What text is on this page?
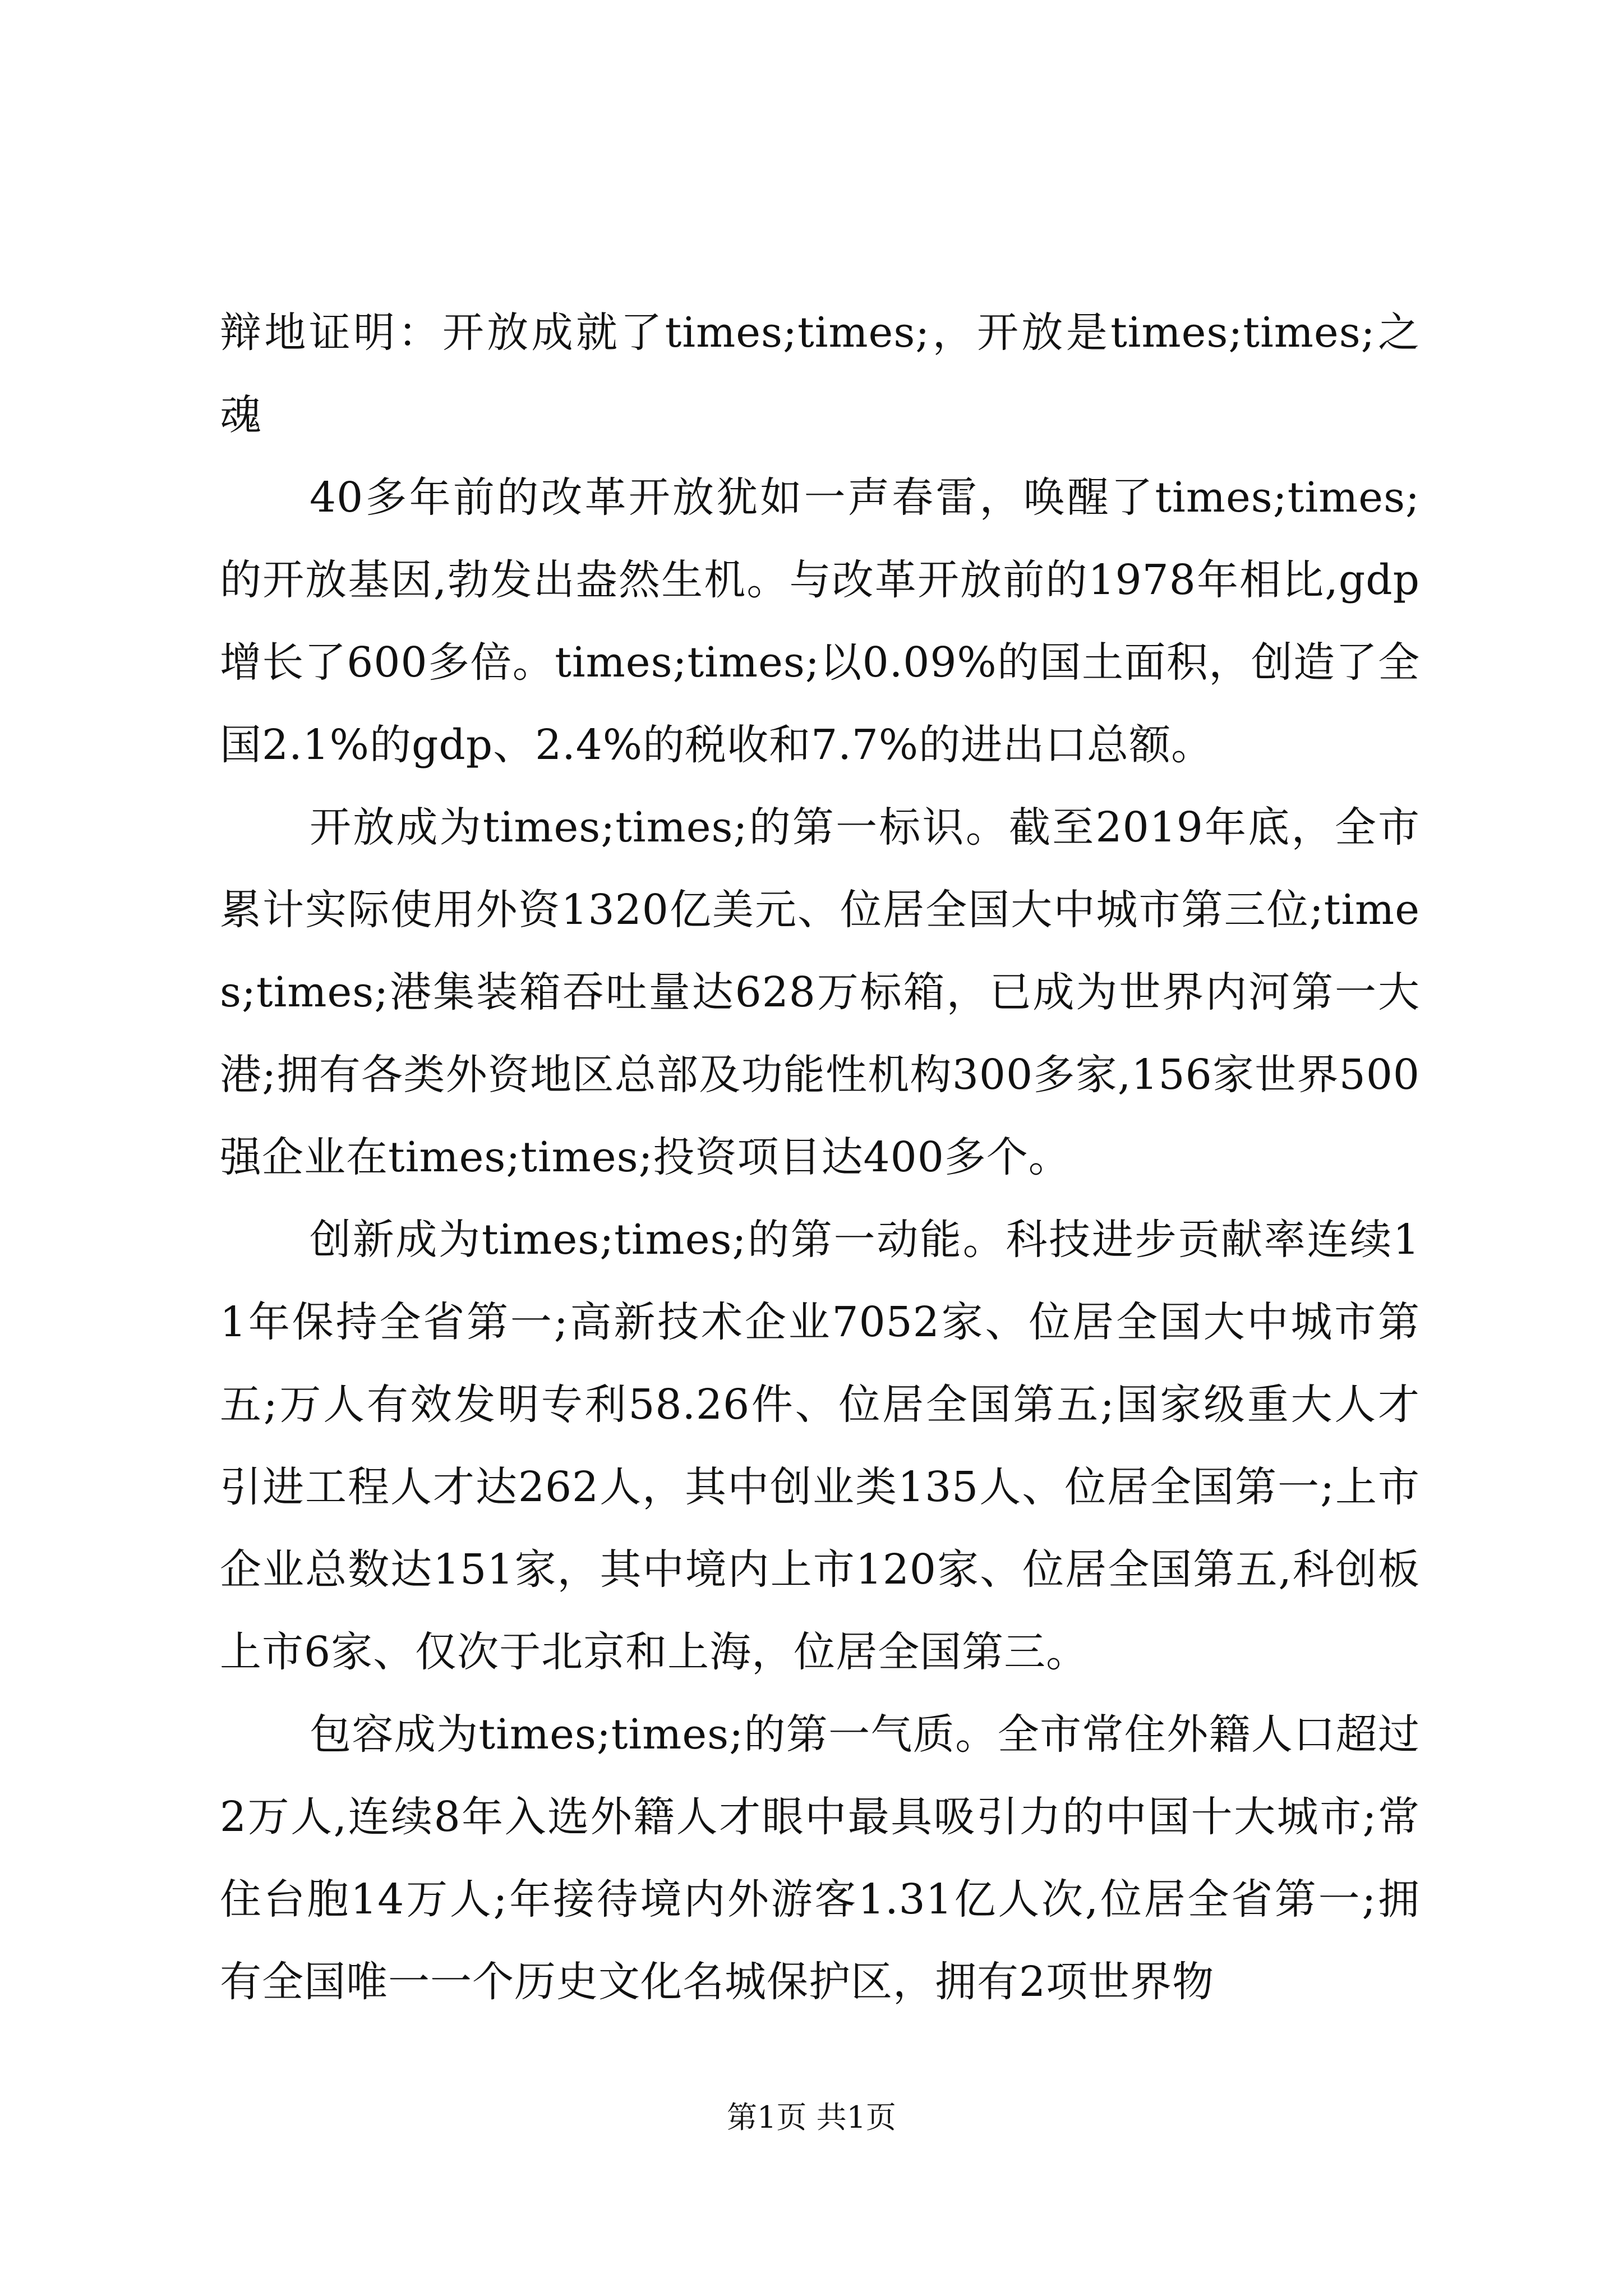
辩地证明：开放成就了times;times;，开放是times;times;之魂

40多年前的改革开放犹如一声春雷，唤醒了times;times;的开放基因,勃发出盎然生机。与改革开放前的1978年相比,gdp增长了600多倍。times;times;以0.09%的国土面积，创造了全国2.1%的gdp、2.4%的税收和7.7%的进出口总额。

开放成为times;times;的第一标识。截至2019年底，全市累计实际使用外资1320亿美元、位居全国大中城市第三位;times;times;港集装箱吞吐量达628万标箱，已成为世界内河第一大港;拥有各类外资地区总部及功能性机构300多家,156家世界500强企业在times;times;投资项目达400多个。

创新成为times;times;的第一动能。科技进步贡献率连续11年保持全省第一;高新技术企业7052家、位居全国大中城市第五;万人有效发明专利58.26件、位居全国第五;国家级重大人才引进工程人才达262人，其中创业类135人、位居全国第一;上市企业总数达151家，其中境内上市120家、位居全国第五,科创板上市6家、仅次于北京和上海，位居全国第三。

包容成为times;times;的第一气质。全市常住外籍人口超过2万人,连续8年入选外籍人才眼中最具吸引力的中国十大城市;常住台胞14万人;年接待境内外游客1.31亿人次,位居全省第一;拥有全国唯一一个历史文化名城保护区，拥有2项世界物

第1页 共1页
